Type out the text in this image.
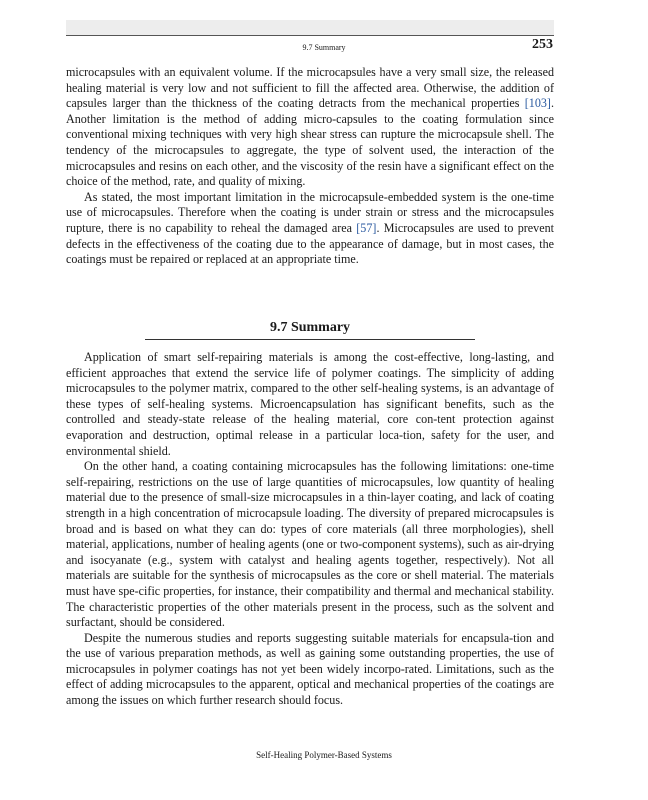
9.7 Summary	253

microcapsules with an equivalent volume. If the microcapsules have a very small size, the released healing material is very low and not sufficient to fill the affected area. Otherwise, the addition of capsules larger than the thickness of the coating detracts from the mechanical properties [103]. Another limitation is the method of adding micro-capsules to the coating formulation since conventional mixing techniques with very high shear stress can rupture the microcapsule shell. The tendency of the microcapsules to aggregate, the type of solvent used, the interaction of the microcapsules and resins on each other, and the viscosity of the resin have a significant effect on the choice of the method, rate, and quality of mixing.

As stated, the most important limitation in the microcapsule-embedded system is the one-time use of microcapsules. Therefore when the coating is under strain or stress and the microcapsules rupture, there is no capability to reheal the damaged area [57]. Microcapsules are used to prevent defects in the effectiveness of the coating due to the appearance of damage, but in most cases, the coatings must be repaired or replaced at an appropriate time.

9.7 Summary

Application of smart self-repairing materials is among the cost-effective, long-lasting, and efficient approaches that extend the service life of polymer coatings. The simplicity of adding microcapsules to the polymer matrix, compared to the other self-healing systems, is an advantage of these types of self-healing systems. Microencapsulation has significant benefits, such as the controlled and steady-state release of the healing material, core con-tent protection against evaporation and destruction, optimal release in a particular loca-tion, safety for the user, and environmental shield.

On the other hand, a coating containing microcapsules has the following limitations: one-time self-repairing, restrictions on the use of large quantities of microcapsules, low quantity of healing material due to the presence of small-size microcapsules in a thin-layer coating, and lack of coating strength in a high concentration of microcapsule loading. The diversity of prepared microcapsules is broad and is based on what they can do: types of core materials (all three morphologies), shell material, applications, number of healing agents (one or two-component systems), such as air-drying and isocyanate (e.g., system with catalyst and healing agents together, respectively). Not all materials are suitable for the synthesis of microcapsules as the core or shell material. The materials must have spe-cific properties, for instance, their compatibility and thermal and mechanical stability. The characteristic properties of the other materials present in the process, such as the solvent and surfactant, should be considered.

Despite the numerous studies and reports suggesting suitable materials for encapsula-tion and the use of various preparation methods, as well as gaining some outstanding properties, the use of microcapsules in polymer coatings has not yet been widely incorpo-rated. Limitations, such as the effect of adding microcapsules to the apparent, optical and mechanical properties of the coatings are among the issues on which further research should focus.

Self-Healing Polymer-Based Systems
